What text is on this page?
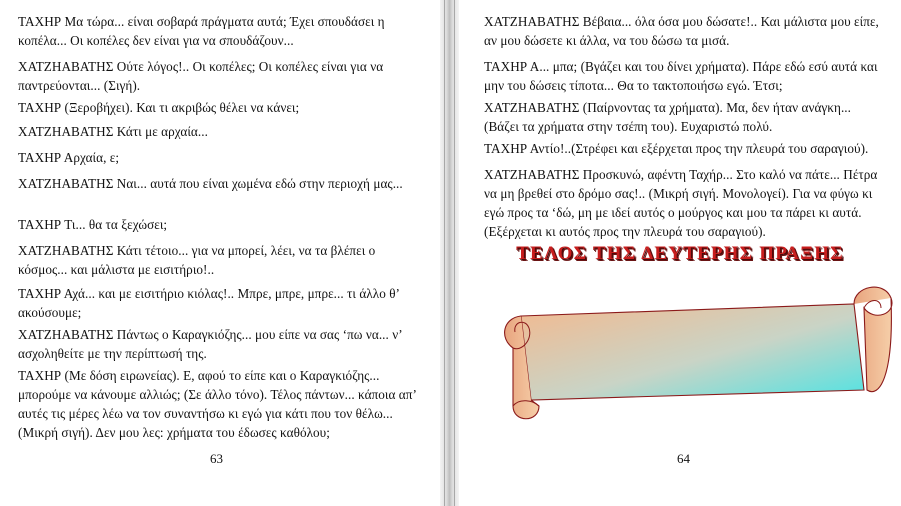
ΤΑΧΗΡ Μα τώρα... είναι σοβαρά πράγματα αυτά; Έχει σπουδάσει η κοπέλα... Οι κοπέλες δεν είναι για να σπουδάζουν...

ΧΑΤΖΗΑΒΑΤΗΣ Ούτε λόγος!.. Οι κοπέλες; Οι κοπέλες είναι για να παντρεύονται... (Σιγή).

ΤΑΧΗΡ (Ξεροβήχει). Και τι ακριβώς θέλει να κάνει;

ΧΑΤΖΗΑΒΑΤΗΣ Κάτι με αρχαία...

ΤΑΧΗΡ Αρχαία, ε;

ΧΑΤΖΗΑΒΑΤΗΣ Ναι... αυτά που είναι χωμένα εδώ στην περιοχή μας...

ΤΑΧΗΡ Τι... θα τα ξεχώσει;

ΧΑΤΖΗΑΒΑΤΗΣ Κάτι τέτοιο... για να μπορεί, λέει, να τα βλέπει ο κόσμος... και μάλιστα με εισιτήριο!..

ΤΑΧΗΡ Αχά... και με εισιτήριο κιόλας!.. Μπρε, μπρε, μπρε... τι άλλο θ’ ακούσουμε;

ΧΑΤΖΗΑΒΑΤΗΣ Πάντως ο Καραγκιόζης... μου είπε να σας ‘πω να... ν’ ασχοληθείτε με την περίπτωσή της.

ΤΑΧΗΡ (Με δόση ειρωνείας). Ε, αφού το είπε και ο Καραγκιόζης... μπορούμε να κάνουμε αλλιώς; (Σε άλλο τόνο). Τέλος πάντων... κάποια απ’ αυτές τις μέρες λέω να τον συναντήσω κι εγώ για κάτι που τον θέλω... (Μικρή σιγή). Δεν μου λες: χρήματα του έδωσες καθόλου;

63

ΧΑΤΖΗΑΒΑΤΗΣ Βέβαια... όλα όσα μου δώσατε!.. Και μάλιστα μου είπε, αν μου δώσετε κι άλλα, να του δώσω τα μισά.

ΤΑΧΗΡ Α... μπα; (Βγάζει και του δίνει χρήματα). Πάρε εδώ εσύ αυτά και μην του δώσεις τίποτα... Θα το τακτοποιήσω εγώ. Έτσι;

ΧΑΤΖΗΑΒΑΤΗΣ (Παίρνοντας τα χρήματα). Μα, δεν ήταν ανάγκη... (Βάζει τα χρήματα στην τσέπη του). Ευχαριστώ πολύ.

ΤΑΧΗΡ Αντίο!..(Στρέφει και εξέρχεται προς την πλευρά του σαραγιού).

ΧΑΤΖΗΑΒΑΤΗΣ Προσκυνώ, αφέντη Ταχήρ... Στο καλό να πάτε... Πέτρα να μη βρεθεί στο δρόμο σας!.. (Μικρή σιγή. Μονολογεί). Για να φύγω κι εγώ προς τα ‘δώ, μη με ιδεί αυτός ο μούργος και μου τα πάρει κι αυτά. (Εξέρχεται κι αυτός προς την πλευρά του σαραγιού).

ΤΕΛΟΣ ΤΗΣ ΔΕΥΤΕΡΗΣ ΠΡΑΞΗΣ
64
